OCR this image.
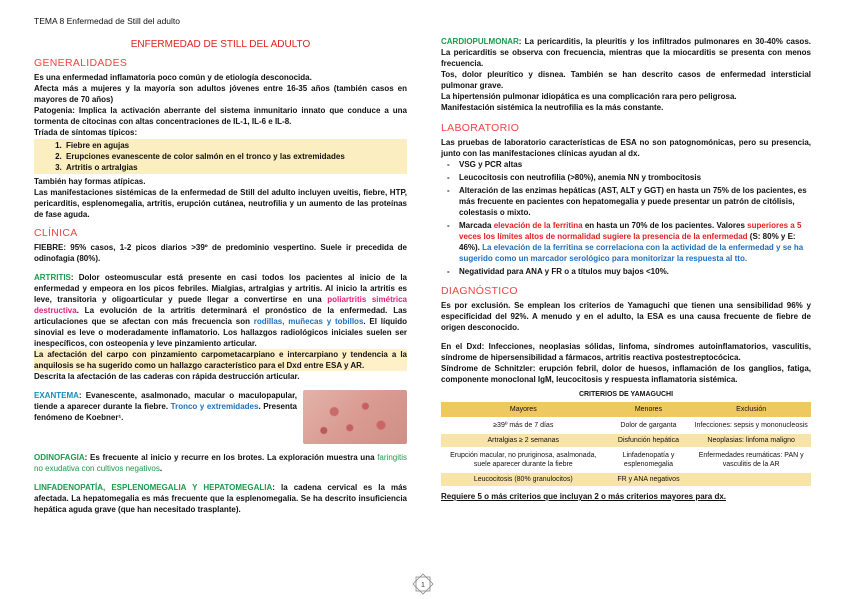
TEMA 8 Enfermedad de Still del adulto
ENFERMEDAD DE STILL DEL ADULTO
GENERALIDADES

Es una enfermedad inflamatoria poco común y de etiología desconocida.

Afecta más a mujeres y la mayoría son adultos jóvenes entre 16-35 años (también casos en mayores de 70 años)

Patogenia: Implica la activación aberrante del sistema inmunitario innato que conduce a una tormenta de citocinas con altas concentraciones de IL-1, IL-6 e IL-8.

Tríada de síntomas típicos:

1. Fiebre en agujas
2. Erupciones evanescente de color salmón en el tronco y las extremidades
3. Artritis o artralgias

También hay formas atípicas.

Las manifestaciones sistémicas de la enfermedad de Still del adulto incluyen uveítis, fiebre, HTP, pericarditis, esplenomegalia, artritis, erupción cutánea, neutrofilia y un aumento de las proteínas de fase aguda.

CLÍNICA

FIEBRE: 95% casos, 1-2 picos diarios >39º de predominio vespertino. Suele ir precedida de odinofagia (80%).

ARTRITIS: Dolor osteomuscular está presente en casi todos los pacientes al inicio de la enfermedad y empeora en los picos febriles. Mialgias, artralgias y artritis. Al inicio la artritis es leve, transitoria y oligoarticular y puede llegar a convertirse en una poliartritis simétrica destructiva. La evolución de la artritis determinará el pronóstico de la enfermedad. Las articulaciones que se afectan con más frecuencia son rodillas, muñecas y tobillos. El líquido sinovial es leve o moderadamente inflamatorio. Los hallazgos radiológicos iniciales suelen ser inespecíficos, con osteopenia y leve pinzamiento articular.

La afectación del carpo con pinzamiento carpometacarpiano e intercarpiano y tendencia a la anquilosis se ha sugerido como un hallazgo característico para el Dxd entre ESA y AR.

Descrita la afectación de las caderas con rápida destrucción articular.

EXANTEMA: Evanescente, asalmonado, macular o maculopapular, tiende a aparecer durante la fiebre. Tronco y extremidades. Presenta fenómeno de Koebner¹.

ODINOFAGIA: Es frecuente al inicio y recurre en los brotes. La exploración muestra una faringitis no exudativa con cultivos negativos.

LINFADENOPATÍA, ESPLENOMEGALIA Y HEPATOMEGALIA: la cadena cervical es la más afectada. La hepatomegalia es más frecuente que la esplenomegalia. Se ha descrito insuficiencia hepática aguda grave (que han necesitado trasplante).

CARDIOPULMONAR: La pericarditis, la pleuritis y los infiltrados pulmonares en 30-40% casos. La pericarditis se observa con frecuencia, mientras que la miocarditis se presenta con menos frecuencia.

Tos, dolor pleurítico y disnea. También se han descrito casos de enfermedad intersticial pulmonar grave.

La hipertensión pulmonar idiopática es una complicación rara pero peligrosa.

Manifestación sistémica la neutrofilia es la más constante.

LABORATORIO

Las pruebas de laboratorio características de ESA no son patognomónicas, pero su presencia, junto con las manifestaciones clínicas ayudan al dx.

- VSG y PCR altas
- Leucocitosis con neutrofilia (>80%), anemia NN y trombocitosis
- Alteración de las enzimas hepáticas (AST, ALT y GGT) en hasta un 75% de los pacientes, es más frecuente en pacientes con hepatomegalia y puede presentar un patrón de citólisis, colestasis o mixto.
- Marcada elevación de la ferritina en hasta un 70% de los pacientes. Valores superiores a 5 veces los límites altos de normalidad sugiere la presencia de la enfermedad (S: 80% y E: 46%). La elevación de la ferritina se correlaciona con la actividad de la enfermedad y se ha sugerido como un marcador serológico para monitorizar la respuesta al tto.
- Negatividad para ANA y FR o a títulos muy bajos <10%.
DIAGNÓSTICO

Es por exclusión. Se emplean los criterios de Yamaguchi que tienen una sensibilidad 96% y especificidad del 92%. A menudo y en el adulto, la ESA es una causa frecuente de fiebre de origen desconocido.

En el Dxd: Infecciones, neoplasias sólidas, linfoma, síndromes autoinflamatorios, vasculitis, síndrome de hipersensibilidad a fármacos, artritis reactiva postestreptocócica.

Síndrome de Schnitzler: erupción febril, dolor de huesos, inflamación de los ganglios, fatiga, componente monoclonal IgM, leucocitosis y respuesta inflamatoria sistémica.

CRITERIOS DE YAMAGUCHI
Mayores	Menores	Exclusión
≥39º más de 7 días	Dolor de garganta	Infecciones: sepsis y mononucleosis
Artralgias ≥ 2 semanas	Disfunción hepática	Neoplasias: linfoma maligno
Erupción macular, no pruriginosa, asalmonada, suele aparecer durante la fiebre	Linfadenopatía y esplenomegalia	Enfermedades reumáticas: PAN y vasculitis de la AR
Leucocitosis (80% granulocitos)	FR y ANA negativos	

Requiere 5 o más criterios que incluyan 2 o más criterios mayores para dx.

1
